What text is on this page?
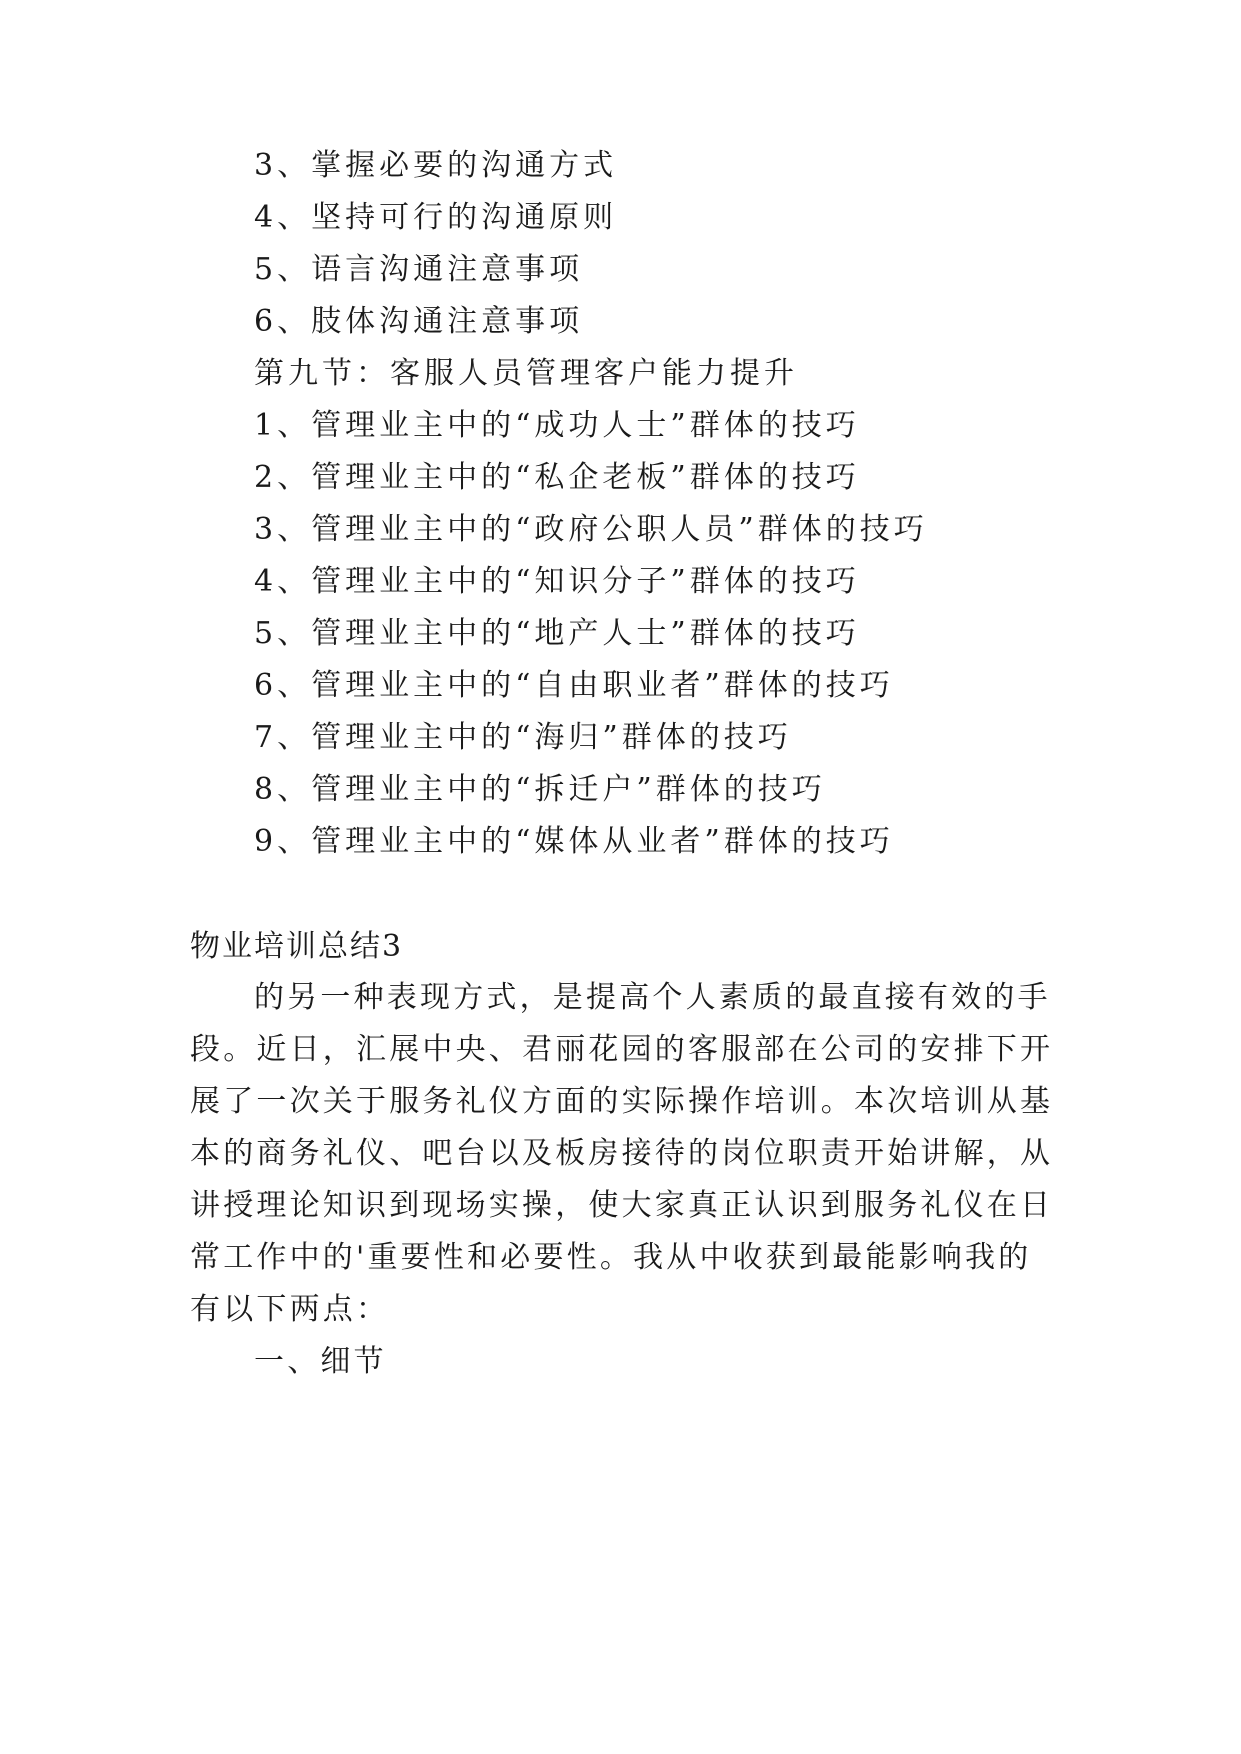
3、掌握必要的沟通方式
4、坚持可行的沟通原则
5、语言沟通注意事项
6、肢体沟通注意事项
第九节：客服人员管理客户能力提升
1、管理业主中的“成功人士”群体的技巧
2、管理业主中的“私企老板”群体的技巧
3、管理业主中的“政府公职人员”群体的技巧
4、管理业主中的“知识分子”群体的技巧
5、管理业主中的“地产人士”群体的技巧
6、管理业主中的“自由职业者”群体的技巧
7、管理业主中的“海归”群体的技巧
8、管理业主中的“拆迁户”群体的技巧
9、管理业主中的“媒体从业者”群体的技巧
物业培训总结3
的另一种表现方式，是提高个人素质的最直接有效的手
段。近日，汇展中央、君丽花园的客服部在公司的安排下开
展了一次关于服务礼仪方面的实际操作培训。本次培训从基
本的商务礼仪、吧台以及板房接待的岗位职责开始讲解，从
讲授理论知识到现场实操，使大家真正认识到服务礼仪在日
常工作中的'重要性和必要性。我从中收获到最能影响我的
有以下两点：
一、细节
